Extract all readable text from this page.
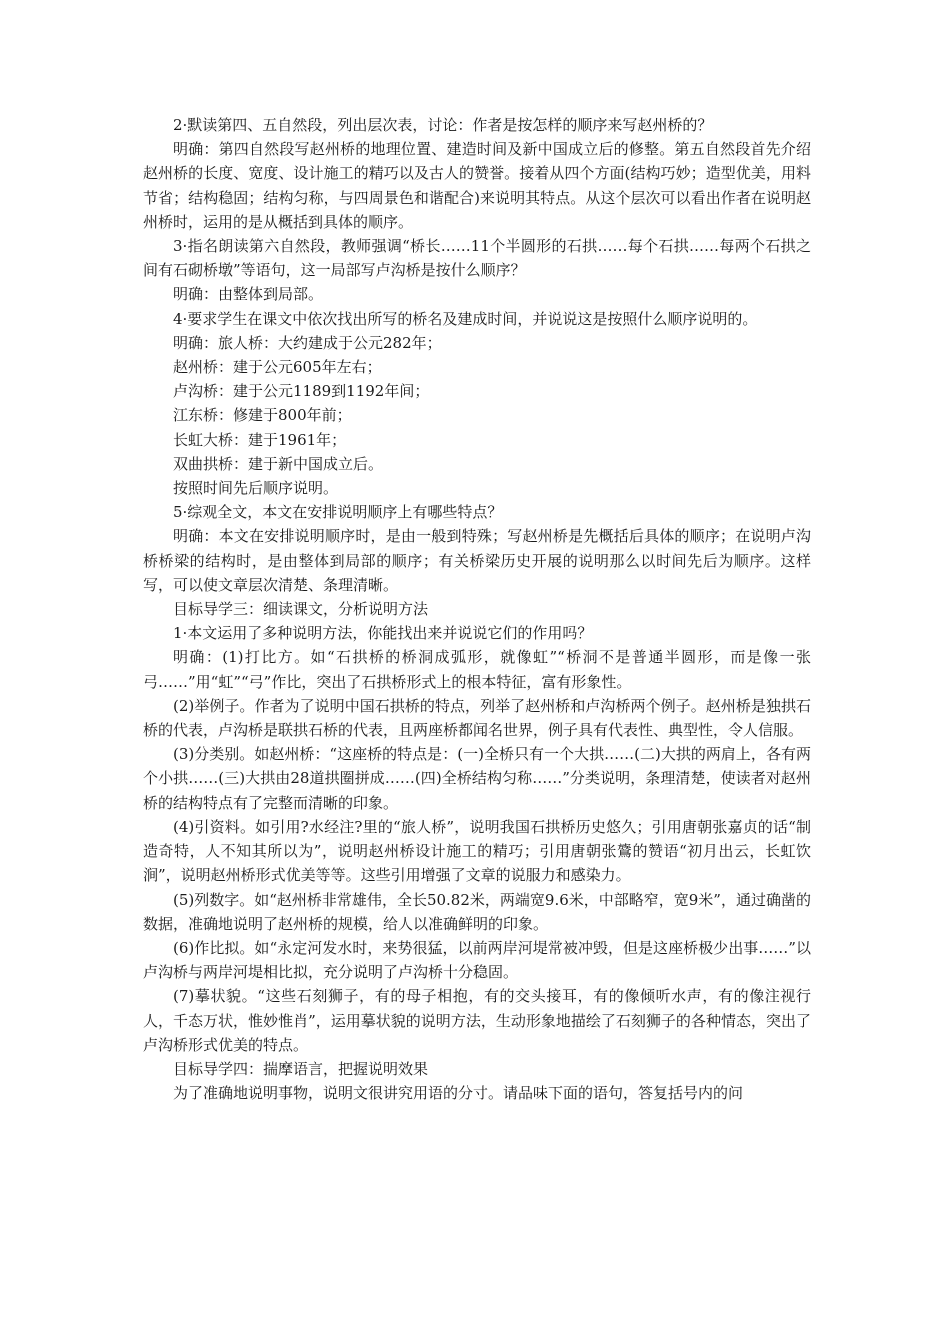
2·默读第四、五自然段，列出层次表，讨论：作者是按怎样的顺序来写赵州桥的？

明确：第四自然段写赵州桥的地理位置、建造时间及新中国成立后的修整。第五自然段首先介绍赵州桥的长度、宽度、设计施工的精巧以及古人的赞誉。接着从四个方面(结构巧妙；造型优美，用料节省；结构稳固；结构匀称，与四周景色和谐配合)来说明其特点。从这个层次可以看出作者在说明赵州桥时，运用的是从概括到具体的顺序。

3·指名朗读第六自然段，教师强调“桥长……11个半圆形的石拱……每个石拱……每两个石拱之间有石砌桥墩”等语句，这一局部写卢沟桥是按什么顺序？

明确：由整体到局部。

4·要求学生在课文中依次找出所写的桥名及建成时间，并说说这是按照什么顺序说明的。

明确：旅人桥：大约建成于公元282年；

赵州桥：建于公元605年左右；

卢沟桥：建于公元1189到1192年间；

江东桥：修建于800年前；

长虹大桥：建于1961年；

双曲拱桥：建于新中国成立后。

按照时间先后顺序说明。

5·综观全文，本文在安排说明顺序上有哪些特点？

明确：本文在安排说明顺序时，是由一般到特殊；写赵州桥是先概括后具体的顺序；在说明卢沟桥桥梁的结构时，是由整体到局部的顺序；有关桥梁历史开展的说明那么以时间先后为顺序。这样写，可以使文章层次清楚、条理清晰。

目标导学三：细读课文，分析说明方法

1·本文运用了多种说明方法，你能找出来并说说它们的作用吗？

明确：(1)打比方。如“石拱桥的桥洞成弧形，就像虹”“桥洞不是普通半圆形，而是像一张弓……”用“虹”“弓”作比，突出了石拱桥形式上的根本特征，富有形象性。

(2)举例子。作者为了说明中国石拱桥的特点，列举了赵州桥和卢沟桥两个例子。赵州桥是独拱石桥的代表，卢沟桥是联拱石桥的代表，且两座桥都闻名世界，例子具有代表性、典型性，令人信服。

(3)分类别。如赵州桥：“这座桥的特点是：(一)全桥只有一个大拱……(二)大拱的两肩上，各有两个小拱……(三)大拱由28道拱圈拼成……(四)全桥结构匀称……”分类说明，条理清楚，使读者对赵州桥的结构特点有了完整而清晰的印象。

(4)引资料。如引用?水经注?里的“旅人桥”，说明我国石拱桥历史悠久；引用唐朝张嘉贞的话“制造奇特，人不知其所以为”，说明赵州桥设计施工的精巧；引用唐朝张鷟的赞语“初月出云，长虹饮涧”，说明赵州桥形式优美等等。这些引用增强了文章的说服力和感染力。

(5)列数字。如“赵州桥非常雄伟，全长50.82米，两端宽9.6米，中部略窄，宽9米”，通过确凿的数据，准确地说明了赵州桥的规模，给人以准确鲜明的印象。

(6)作比拟。如“永定河发水时，来势很猛，以前两岸河堤常被冲毁，但是这座桥极少出事……”以卢沟桥与两岸河堤相比拟，充分说明了卢沟桥十分稳固。

(7)摹状貌。“这些石刻狮子，有的母子相抱，有的交头接耳，有的像倾听水声，有的像注视行人，千态万状，惟妙惟肖”，运用摹状貌的说明方法，生动形象地描绘了石刻狮子的各种情态，突出了卢沟桥形式优美的特点。

目标导学四：揣摩语言，把握说明效果

为了准确地说明事物，说明文很讲究用语的分寸。请品味下面的语句，答复括号内的问
